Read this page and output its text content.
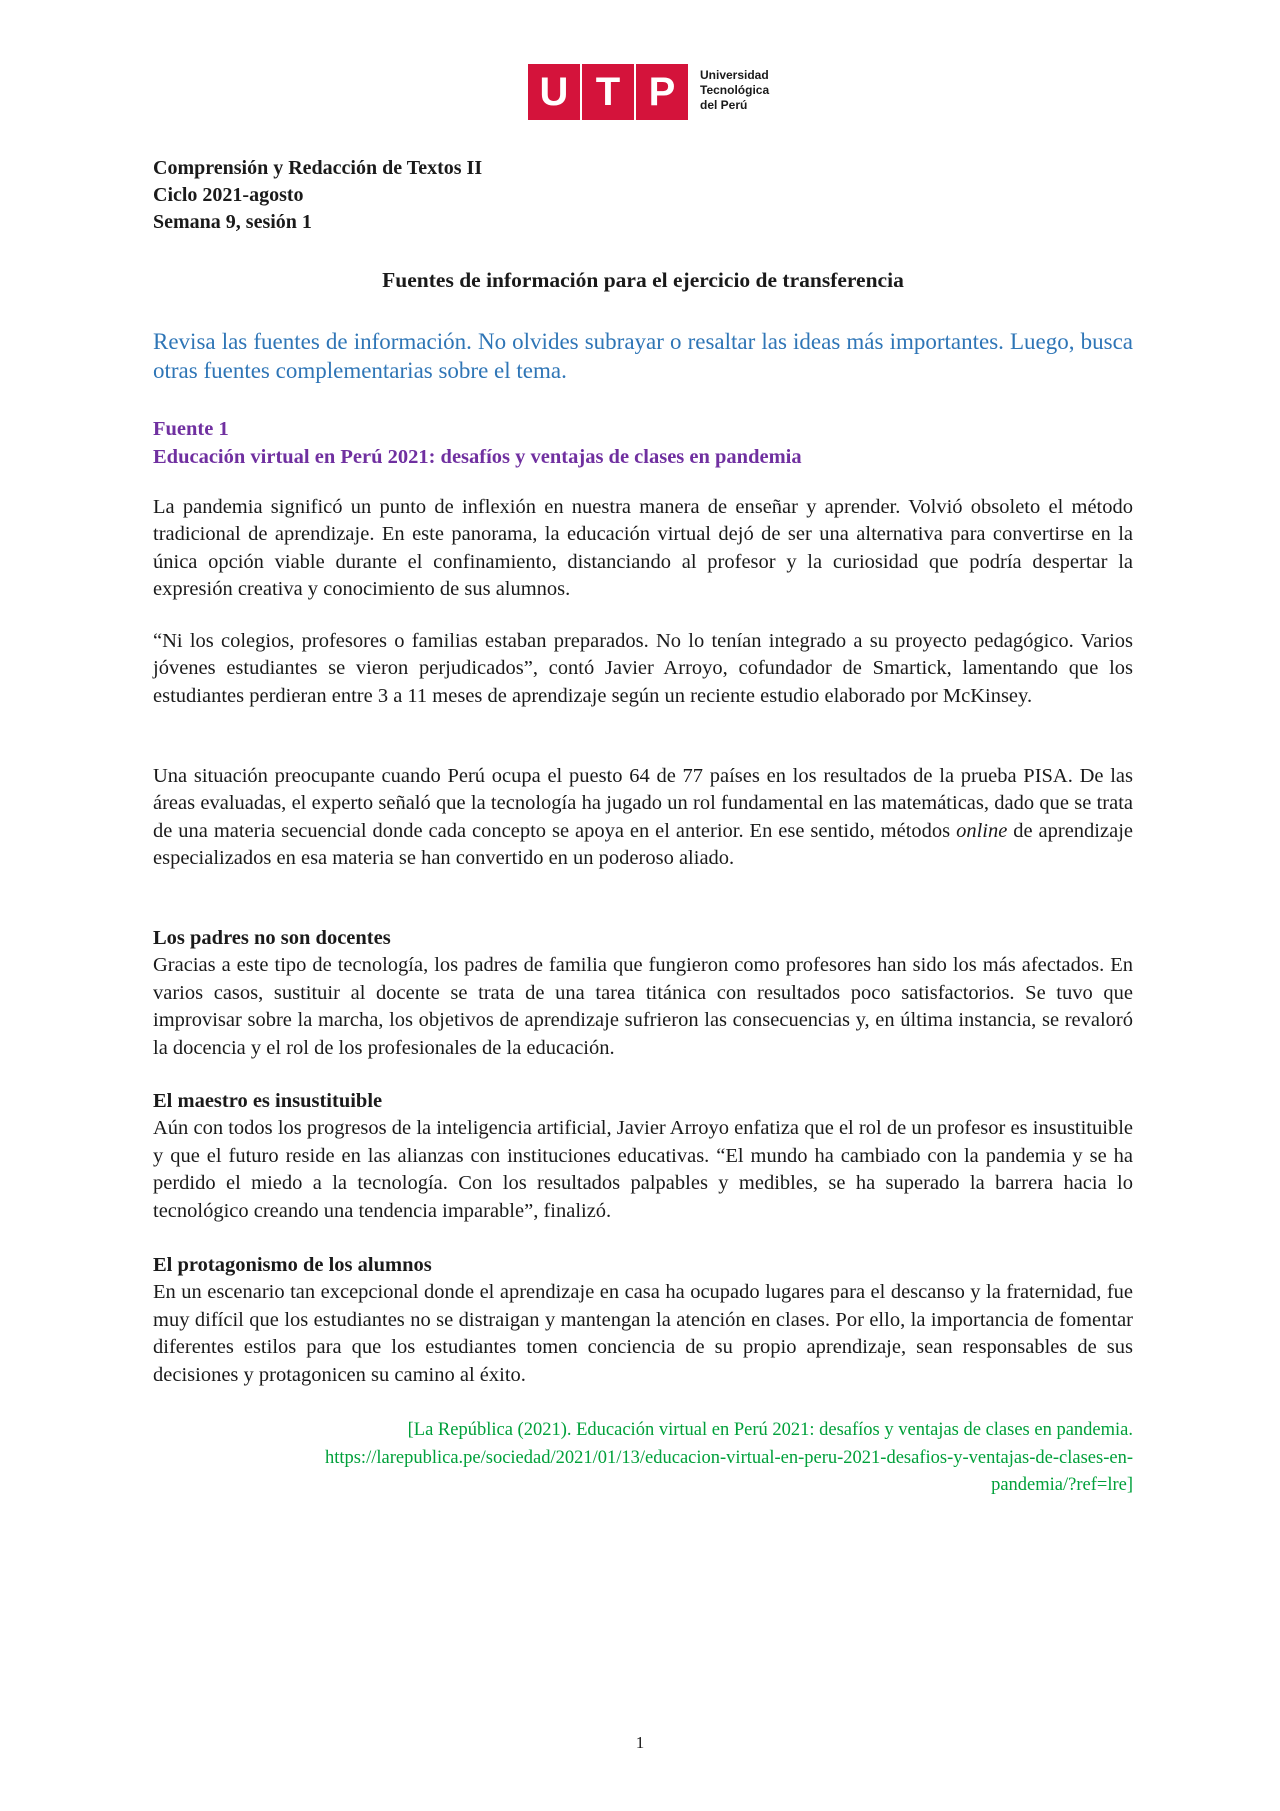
U T P	Universidad
Tecnológica
del Perú
Comprensión y Redacción de Textos II
Ciclo 2021-agosto
Semana 9, sesión 1
Fuentes de información para el ejercicio de transferencia
Revisa las fuentes de información. No olvides subrayar o resaltar las ideas más importantes. Luego, busca otras fuentes complementarias sobre el tema.
Fuente 1
Educación virtual en Perú 2021: desafíos y ventajas de clases en pandemia
La pandemia significó un punto de inflexión en nuestra manera de enseñar y aprender. Volvió obsoleto el método tradicional de aprendizaje. En este panorama, la educación virtual dejó de ser una alternativa para convertirse en la única opción viable durante el confinamiento, distanciando al profesor y la curiosidad que podría despertar la expresión creativa y conocimiento de sus alumnos.
“Ni los colegios, profesores o familias estaban preparados. No lo tenían integrado a su proyecto pedagógico. Varios jóvenes estudiantes se vieron perjudicados”, contó Javier Arroyo, cofundador de Smartick, lamentando que los estudiantes perdieran entre 3 a 11 meses de aprendizaje según un reciente estudio elaborado por McKinsey.
Una situación preocupante cuando Perú ocupa el puesto 64 de 77 países en los resultados de la prueba PISA. De las áreas evaluadas, el experto señaló que la tecnología ha jugado un rol fundamental en las matemáticas, dado que se trata de una materia secuencial donde cada concepto se apoya en el anterior. En ese sentido, métodos online de aprendizaje especializados en esa materia se han convertido en un poderoso aliado.
Los padres no son docentes
Gracias a este tipo de tecnología, los padres de familia que fungieron como profesores han sido los más afectados. En varios casos, sustituir al docente se trata de una tarea titánica con resultados poco satisfactorios. Se tuvo que improvisar sobre la marcha, los objetivos de aprendizaje sufrieron las consecuencias y, en última instancia, se revaloró la docencia y el rol de los profesionales de la educación.
El maestro es insustituible
Aún con todos los progresos de la inteligencia artificial, Javier Arroyo enfatiza que el rol de un profesor es insustituible y que el futuro reside en las alianzas con instituciones educativas. “El mundo ha cambiado con la pandemia y se ha perdido el miedo a la tecnología. Con los resultados palpables y medibles, se ha superado la barrera hacia lo tecnológico creando una tendencia imparable”, finalizó.
El protagonismo de los alumnos
En un escenario tan excepcional donde el aprendizaje en casa ha ocupado lugares para el descanso y la fraternidad, fue muy difícil que los estudiantes no se distraigan y mantengan la atención en clases. Por ello, la importancia de fomentar diferentes estilos para que los estudiantes tomen conciencia de su propio aprendizaje, sean responsables de sus decisiones y protagonicen su camino al éxito.
[La República (2021). Educación virtual en Perú 2021: desafíos y ventajas de clases en pandemia.
https://larepublica.pe/sociedad/2021/01/13/educacion-virtual-en-peru-2021-desafios-y-ventajas-de-clases-en-
pandemia/?ref=lre]
1
